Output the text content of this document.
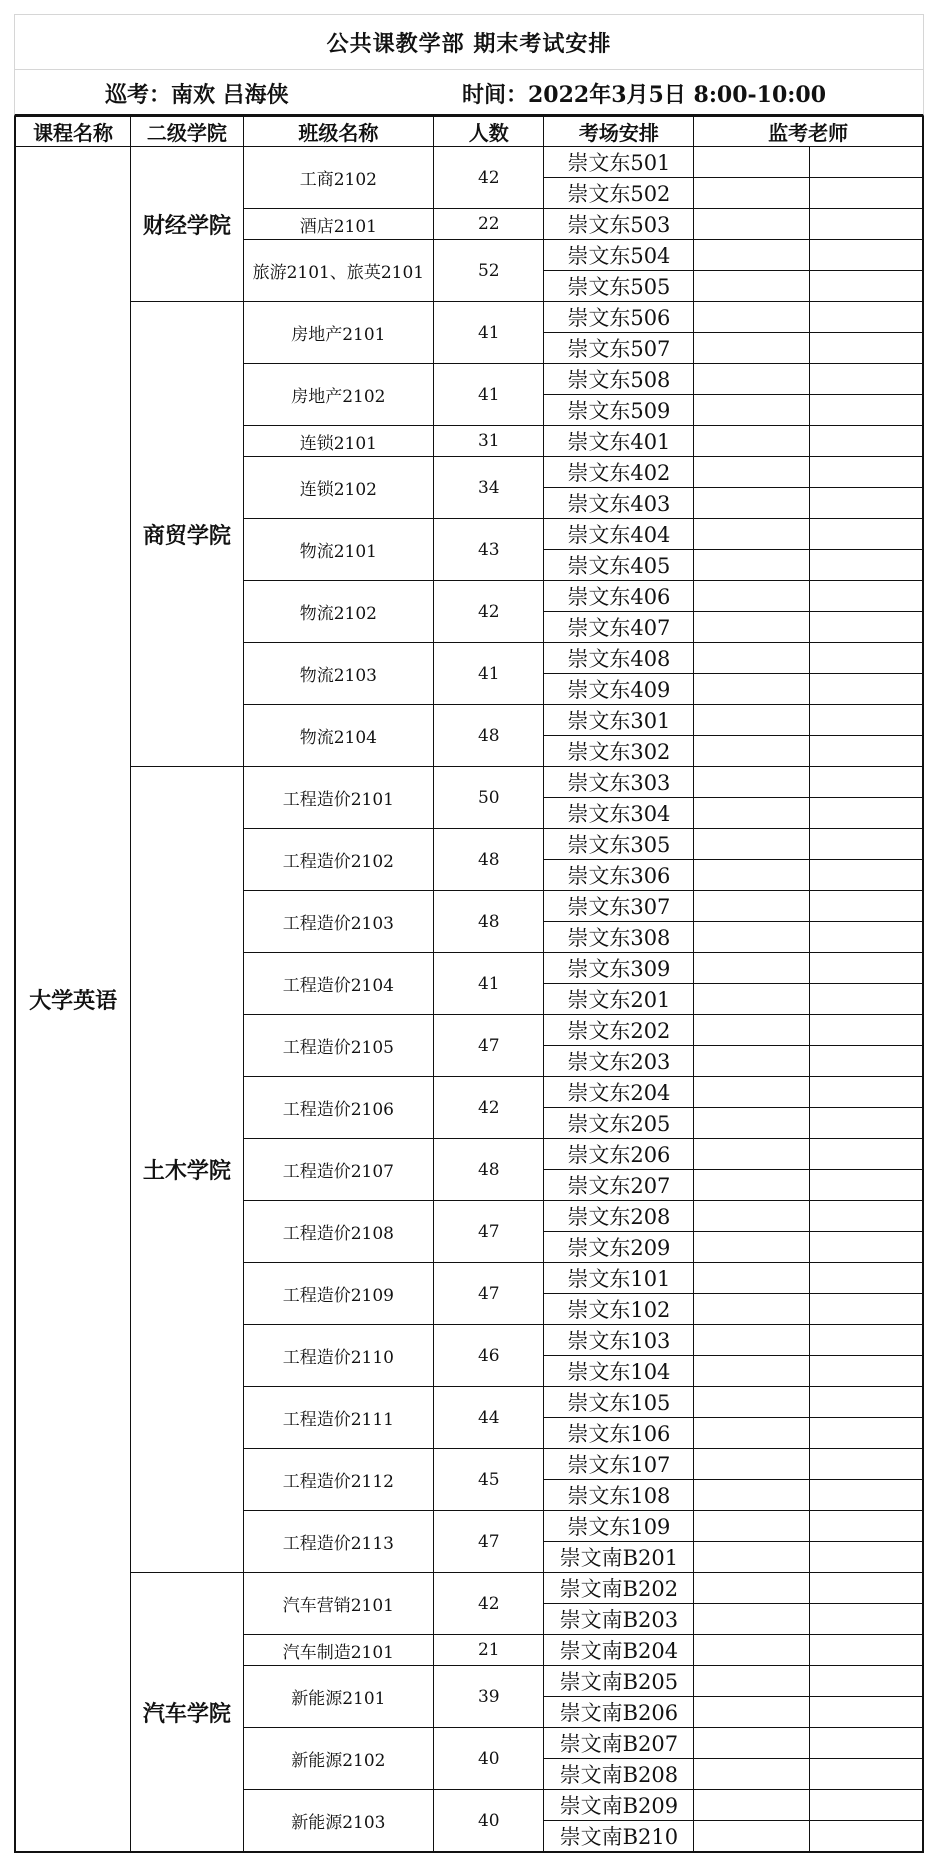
公共课教学部 期末考试安排
巡考：南欢 吕海侠	时间：2022年3月5日 8:00-10:00
课程名称	二级学院	班级名称	人数	考场安排	监考老师	
大学英语	财经学院	工商2102	42	崇文东501		
				崇文东502		
		酒店2101	22	崇文东503		
		旅游2101、旅英2101	52	崇文东504		
				崇文东505		
	商贸学院	房地产2101	41	崇文东506		
				崇文东507		
		房地产2102	41	崇文东508		
				崇文东509		
		连锁2101	31	崇文东401		
		连锁2102	34	崇文东402		
				崇文东403		
		物流2101	43	崇文东404		
				崇文东405		
		物流2102	42	崇文东406		
				崇文东407		
		物流2103	41	崇文东408		
				崇文东409		
		物流2104	48	崇文东301		
				崇文东302		
	土木学院	工程造价2101	50	崇文东303		
				崇文东304		
		工程造价2102	48	崇文东305		
				崇文东306		
		工程造价2103	48	崇文东307		
				崇文东308		
		工程造价2104	41	崇文东309		
				崇文东201		
		工程造价2105	47	崇文东202		
				崇文东203		
		工程造价2106	42	崇文东204		
				崇文东205		
		工程造价2107	48	崇文东206		
				崇文东207		
		工程造价2108	47	崇文东208		
				崇文东209		
		工程造价2109	47	崇文东101		
				崇文东102		
		工程造价2110	46	崇文东103		
				崇文东104		
		工程造价2111	44	崇文东105		
				崇文东106		
		工程造价2112	45	崇文东107		
				崇文东108		
		工程造价2113	47	崇文东109		
				崇文南B201		
	汽车学院	汽车营销2101	42	崇文南B202		
				崇文南B203		
		汽车制造2101	21	崇文南B204		
		新能源2101	39	崇文南B205		
				崇文南B206		
		新能源2102	40	崇文南B207		
				崇文南B208		
		新能源2103	40	崇文南B209		
				崇文南B210		
